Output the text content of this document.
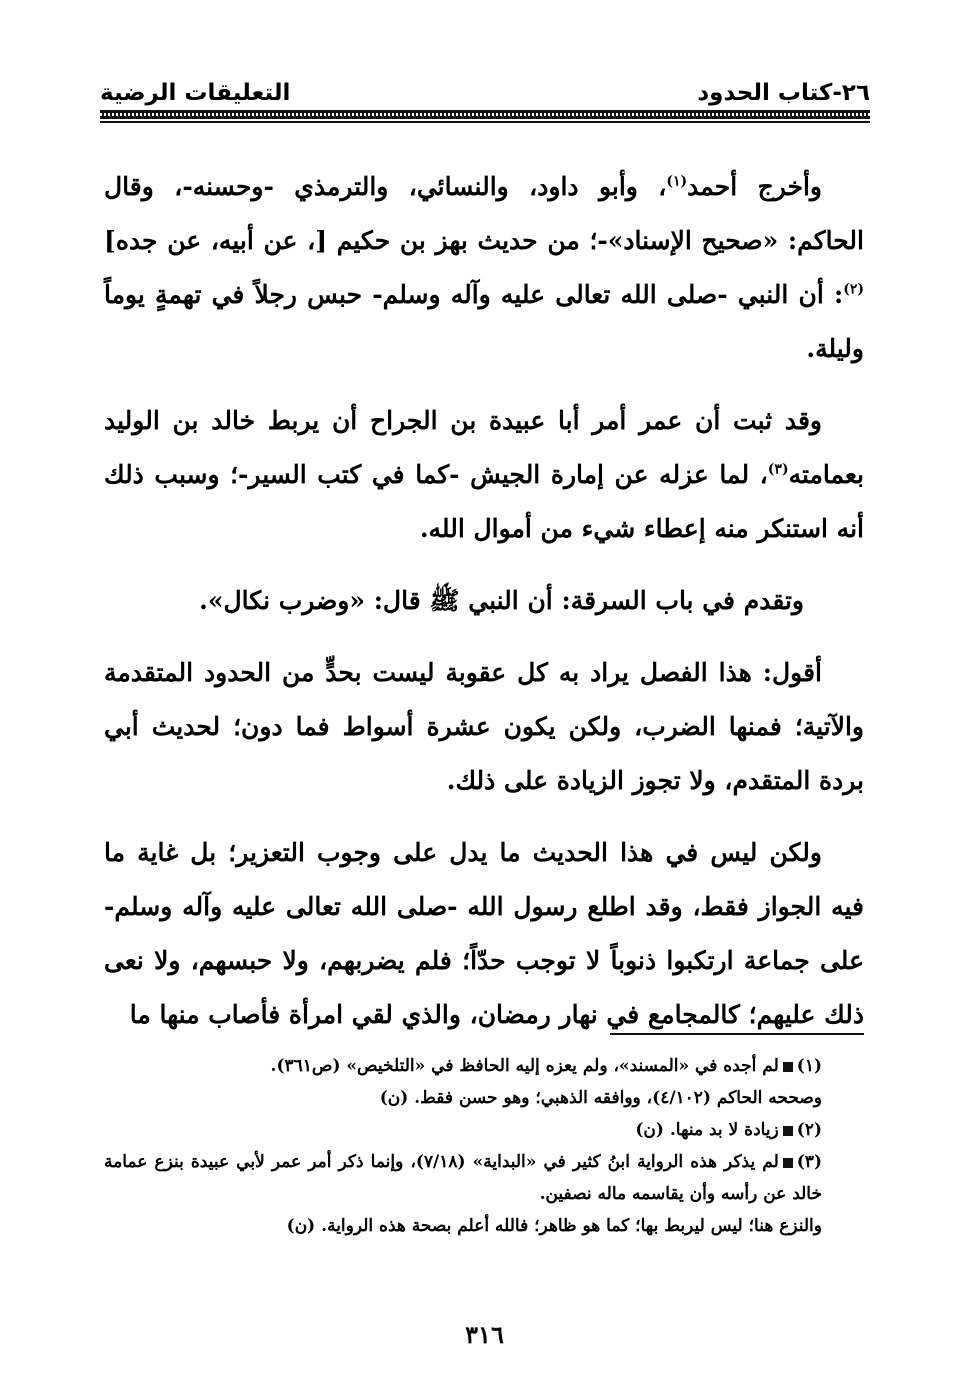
٢٦-كتاب الحدود
التعليقات الرضية

وأخرج أحمد$^{(١)}$، وأبو داود، والنسائي، والترمذي -وحسنه-، وقال الحاكم: «صحيح الإسناد»-؛ من حديث بهز بن حكيم [، عن أبيه، عن جده]$^{(٢)}$: أن النبي -صلى الله تعالى عليه وآله وسلم- حبس رجلاً في تهمةٍ يوماً وليلة.

وقد ثبت أن عمر أمر أبا عبيدة بن الجراح أن يربط خالد بن الوليد بعمامته$^{(٣)}$، لما عزله عن إمارة الجيش -كما في كتب السير-؛ وسبب ذلك أنه استنكر منه إعطاء شيء من أموال الله.

وتقدم في باب السرقة: أن النبي ﷺ قال: «وضرب نكال».

أقول: هذا الفصل يراد به كل عقوبة ليست بحدٍّ من الحدود المتقدمة والآتية؛ فمنها الضرب، ولكن يكون عشرة أسواط فما دون؛ لحديث أبي بردة المتقدم، ولا تجوز الزيادة على ذلك.

ولكن ليس في هذا الحديث ما يدل على وجوب التعزير؛ بل غاية ما فيه الجواز فقط، وقد اطلع رسول الله -صلى الله تعالى عليه وآله وسلم- على جماعة ارتكبوا ذنوباً لا توجب حدّاً؛ فلم يضربهم، ولا حبسهم، ولا نعى ذلك عليهم؛ كالمجامع في نهار رمضان، والذي لقي امرأة فأصاب منها ما

(١)لم أجده في «المسند»، ولم يعزه إليه الحافظ في «التلخيص» (ص٣٦١).

وصححه الحاكم (٤/١٠٢)، ووافقه الذهبي؛ وهو حسن فقط. (ن)

(٢)زيادة لا بد منها. (ن)

(٣)لم يذكر هذه الرواية ابنُ كثير في «البداية» (٧/١٨)، وإنما ذكر أمر عمر لأبي عبيدة بنزع عمامة خالد عن رأسه وأن يقاسمه ماله نصفين.

والنزع هنا؛ ليس ليربط بها؛ كما هو ظاهر؛ فالله أعلم بصحة هذه الرواية. (ن)

٣١٦
